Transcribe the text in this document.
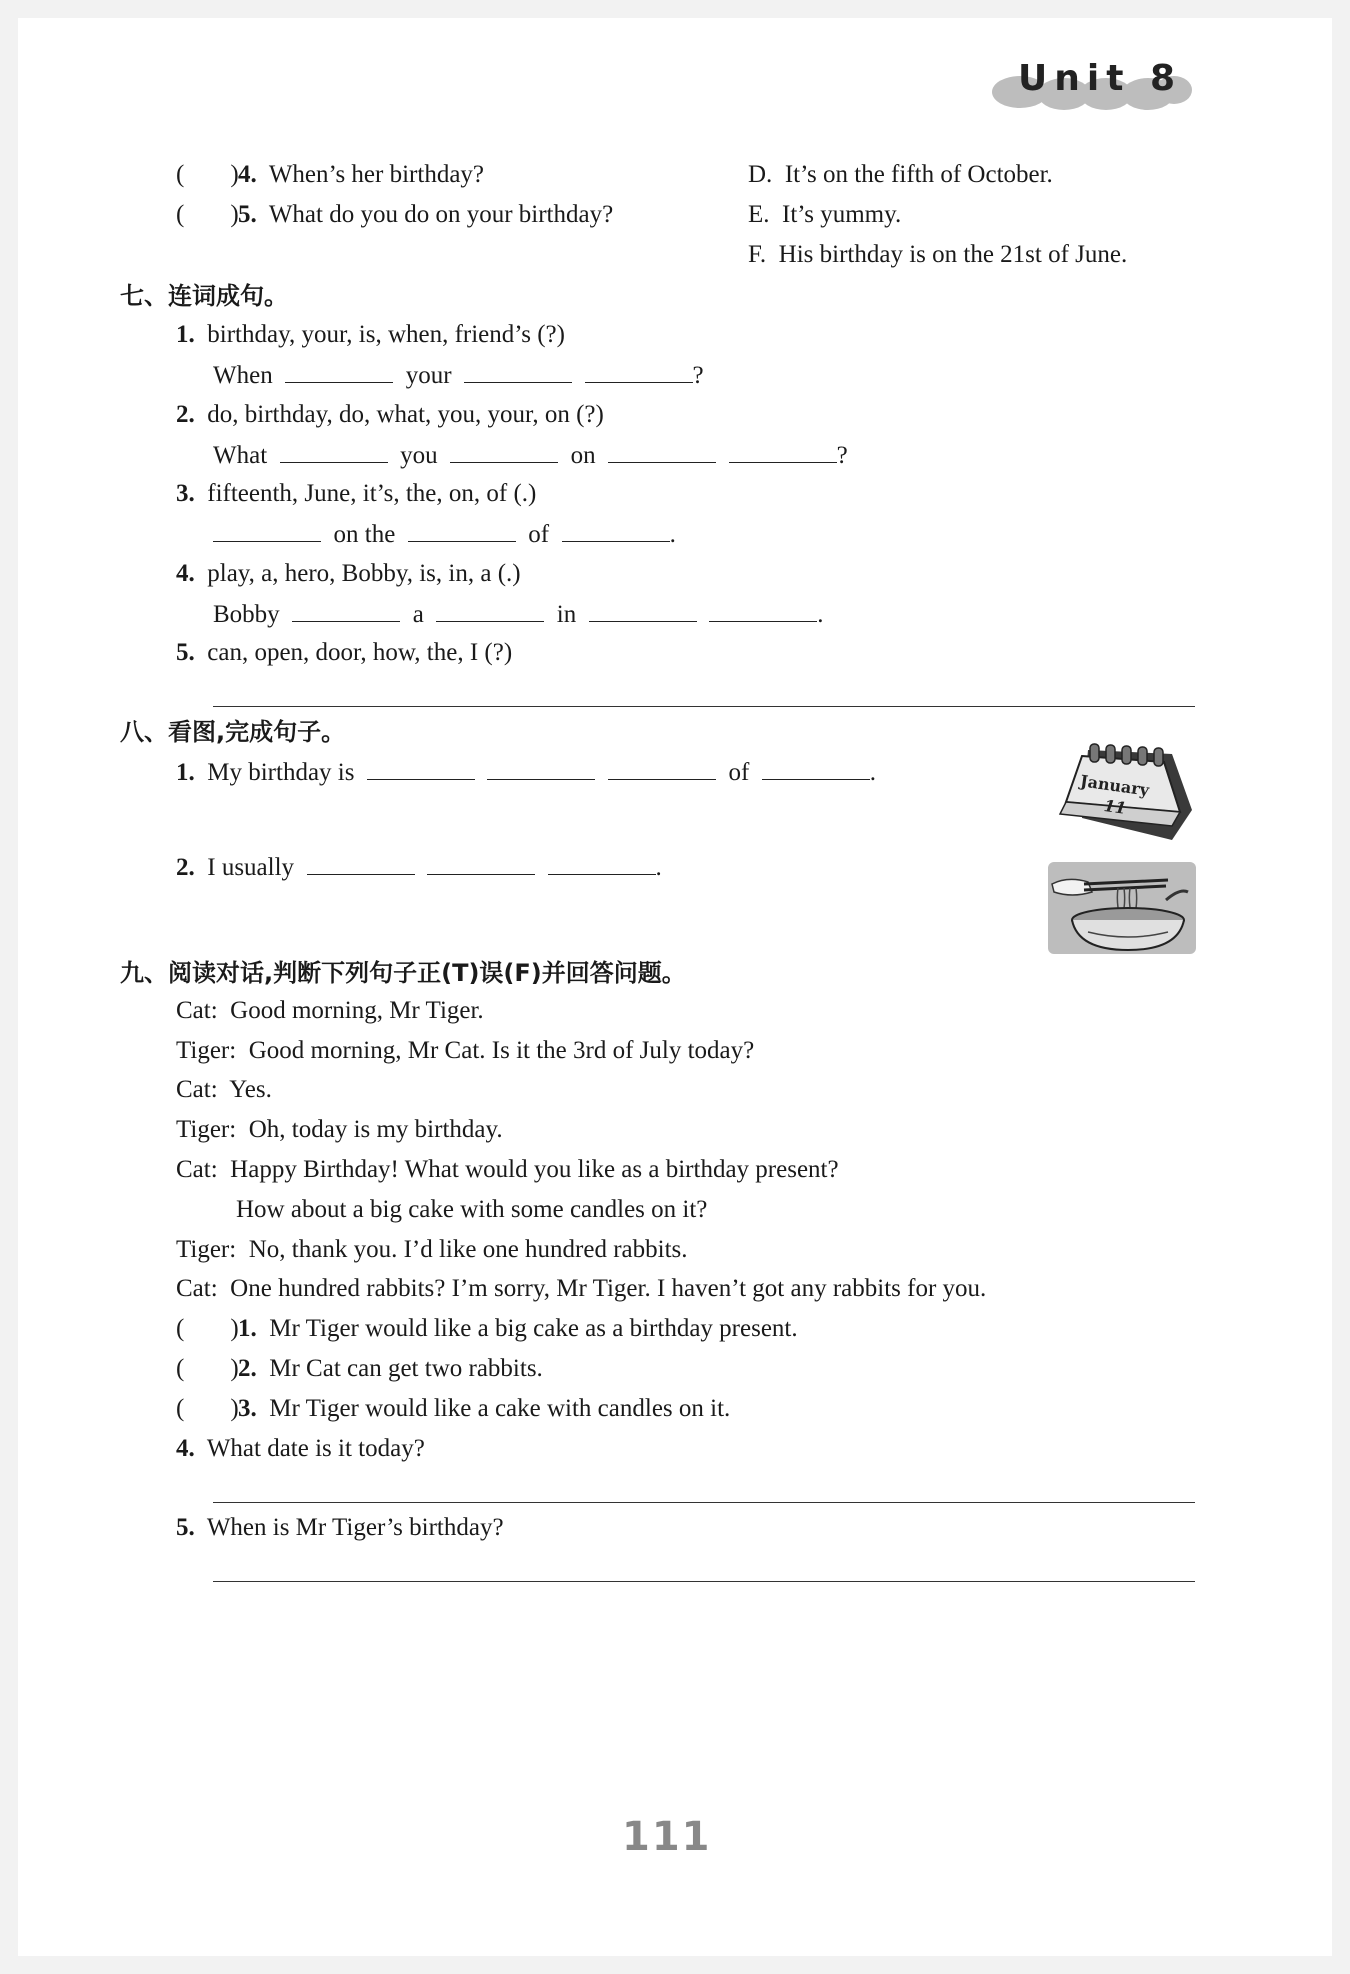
Unit 8
( )4. When’s her birthday?
( )5. What do you do on your birthday?
D. It’s on the fifth of October.
E. It’s yummy.
F. His birthday is on the 21st of June.
七、连词成句。
1. birthday, your, is, when, friend’s (?)
When	your	?
2. do, birthday, do, what, you, your, on (?)
What	you	on	?
3. fifteenth, June, it’s, the, on, of (.)
on the	of	.
4. play, a, hero, Bobby, is, in, a (.)
Bobby	a	in	.
5. can, open, door, how, the, I (?)
八、看图,完成句子。
1. My birthday is	of	.
2. I usually	.
January
11
九、阅读对话,判断下列句子正(T)误(F)并回答问题。
Cat: Good morning, Mr Tiger.
Tiger: Good morning, Mr Cat. Is it the 3rd of July today?
Cat: Yes.
Tiger: Oh, today is my birthday.
Cat: Happy Birthday! What would you like as a birthday present?
How about a big cake with some candles on it?
Tiger: No, thank you. I’d like one hundred rabbits.
Cat: One hundred rabbits? I’m sorry, Mr Tiger. I haven’t got any rabbits for you.
( )1. Mr Tiger would like a big cake as a birthday present.
( )2. Mr Cat can get two rabbits.
( )3. Mr Tiger would like a cake with candles on it.
4. What date is it today?
5. When is Mr Tiger’s birthday?
111
